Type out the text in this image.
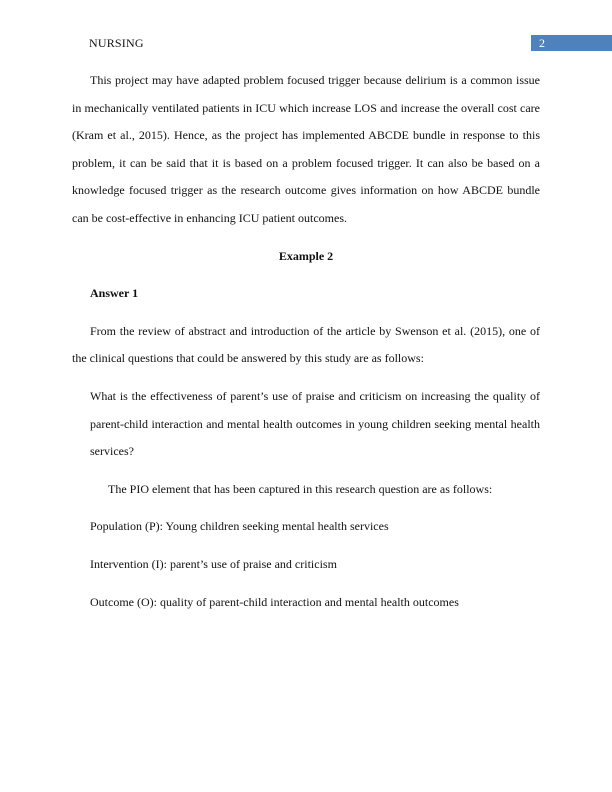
NURSING	2

This project may have adapted problem focused trigger because delirium is a common issue in mechanically ventilated patients in ICU which increase LOS and increase the overall cost care (Kram et al., 2015). Hence, as the project has implemented ABCDE bundle in response to this problem, it can be said that it is based on a problem focused trigger. It can also be based on a knowledge focused trigger as the research outcome gives information on how ABCDE bundle can be cost-effective in enhancing ICU patient outcomes.

Example 2

Answer 1

From the review of abstract and introduction of the article by Swenson et al. (2015), one of the clinical questions that could be answered by this study are as follows:

What is the effectiveness of parent’s use of praise and criticism on increasing the quality of parent-child interaction and mental health outcomes in young children seeking mental health services?

The PIO element that has been captured in this research question are as follows:

Population (P): Young children seeking mental health services

Intervention (I): parent’s use of praise and criticism

Outcome (O): quality of parent-child interaction and mental health outcomes
